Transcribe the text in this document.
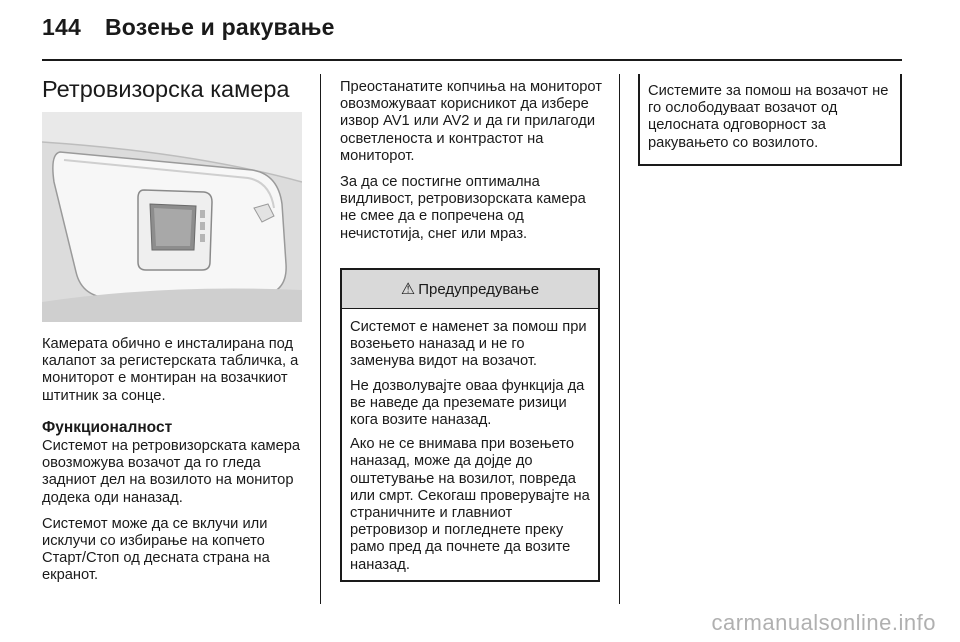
144 Возење и ракување
Ретровизорска камера

Камерата обично е инсталирана под калапот за регистерската табличка, а мониторот е монтиран на возачкиот штитник за сонце.

Функционалност

Системот на ретровизорската камера овозможува возачот да го гледа задниот дел на возилото на монитор додека оди наназад.

Системот може да се вклучи или исклучи со избирање на копчето Старт/Стоп од десната страна на екранот.

Преостанатите копчиња на мониторот овозможуваат корисникот да избере извор AV1 или AV2 и да ги прилагоди осветленоста и контрастот на мониторот.

За да се постигне оптимална видливост, ретровизорската камера не смее да е попречена од нечистотија, снег или мраз.

⚠ Предупредување

Системот е наменет за помош при возењето наназад и не го заменува видот на возачот.

Не дозволувајте оваа функција да ве наведе да преземате ризици кога возите наназад.

Ако не се внимава при возењето наназад, може да дојде до оштетување на возилот, повреда или смрт. Секогаш проверувајте на страничните и главниот ретровизор и погледнете преку рамо пред да почнете да возите наназад.

Системите за помош на возачот не го ослободуваат возачот од целосната одговорност за ракувањето со возилото.
carmanualsonline.info
